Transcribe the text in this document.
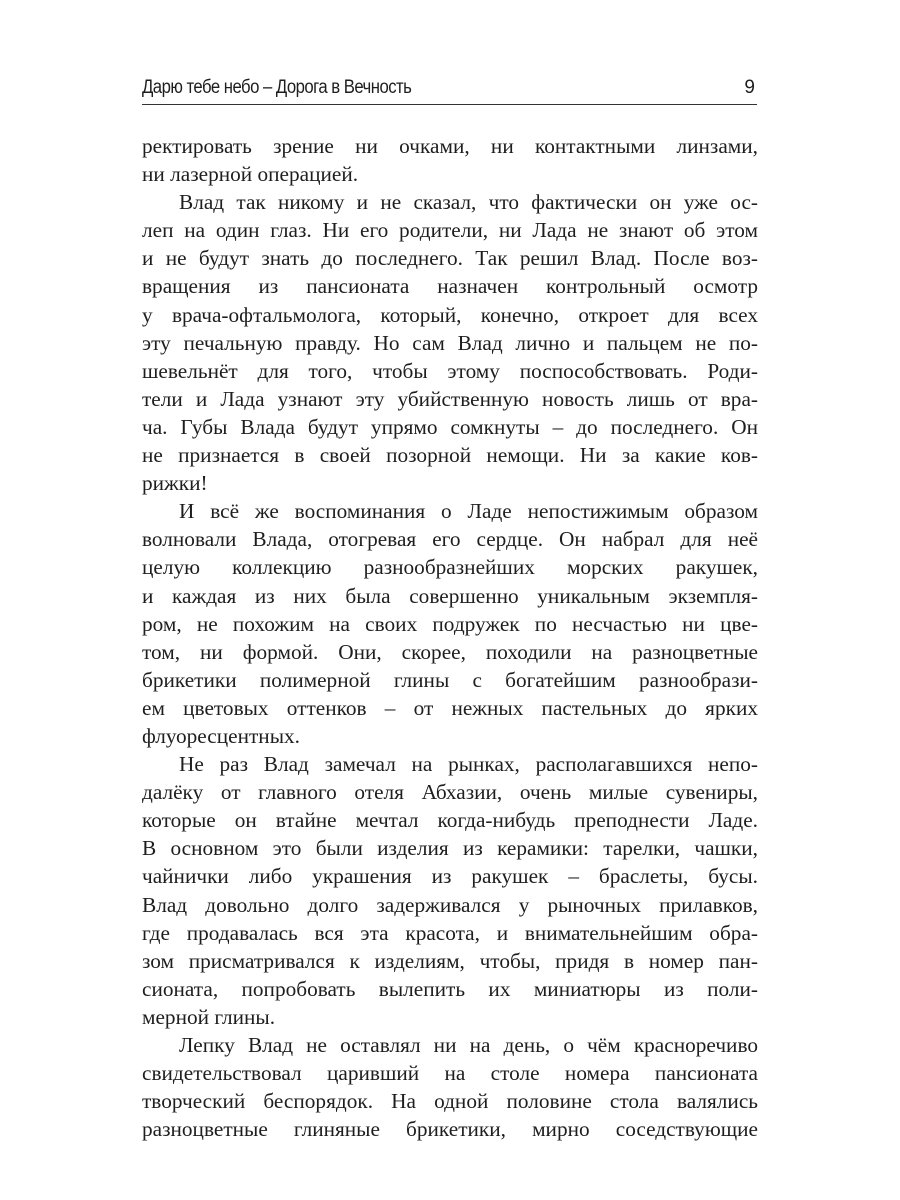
Дарю тебе небо – Дорога в Вечность	9
ректировать зрение ни очками, ни контактными линзами,
ни лазерной операцией.
Влад так никому и не сказал, что фактически он уже ос-
леп на один глаз. Ни его родители, ни Лада не знают об этом
и не будут знать до последнего. Так решил Влад. После воз-
вращения из пансионата назначен контрольный осмотр
у врача-офтальмолога, который, конечно, откроет для всех
эту печальную правду. Но сам Влад лично и пальцем не по-
шевельнёт для того, чтобы этому поспособствовать. Роди-
тели и Лада узнают эту убийственную новость лишь от вра-
ча. Губы Влада будут упрямо сомкнуты – до последнего. Он
не признается в своей позорной немощи. Ни за какие ков-
рижки!
И всё же воспоминания о Ладе непостижимым образом
волновали Влада, отогревая его сердце. Он набрал для неё
целую коллекцию разнообразнейших морских ракушек,
и каждая из них была совершенно уникальным экземпля-
ром, не похожим на своих подружек по несчастью ни цве-
том, ни формой. Они, скорее, походили на разноцветные
брикетики полимерной глины с богатейшим разнообрази-
ем цветовых оттенков – от нежных пастельных до ярких
флуоресцентных.
Не раз Влад замечал на рынках, располагавшихся непо-
далёку от главного отеля Абхазии, очень милые сувениры,
которые он втайне мечтал когда-нибудь преподнести Ладе.
В основном это были изделия из керамики: тарелки, чашки,
чайнички либо украшения из ракушек – браслеты, бусы.
Влад довольно долго задерживался у рыночных прилавков,
где продавалась вся эта красота, и внимательнейшим обра-
зом присматривался к изделиям, чтобы, придя в номер пан-
сионата, попробовать вылепить их миниатюры из поли-
мерной глины.
Лепку Влад не оставлял ни на день, о чём красноречиво
свидетельствовал царивший на столе номера пансионата
творческий беспорядок. На одной половине стола валялись
разноцветные глиняные брикетики, мирно соседствующие
